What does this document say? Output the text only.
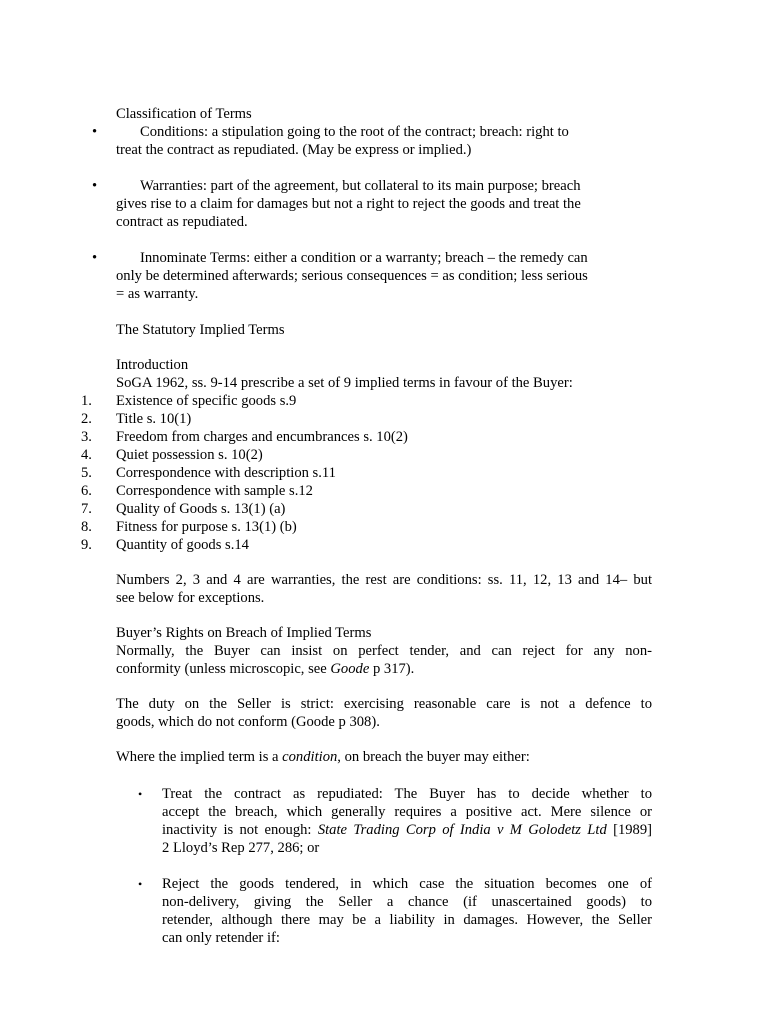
Classification of Terms
•	Conditions: a stipulation going to the root of the contract; breach: right to
treat the contract as repudiated. (May be express or implied.)
•	Warranties: part of the agreement, but collateral to its main purpose; breach
gives rise to a claim for damages but not a right to reject the goods and treat the
contract as repudiated.
•	Innominate Terms: either a condition or a warranty; breach – the remedy can
only be determined afterwards; serious consequences = as condition; less serious
= as warranty.
The Statutory Implied Terms
Introduction
SoGA 1962, ss. 9-14 prescribe a set of 9 implied terms in favour of the Buyer:
1.	Existence of specific goods s.9
2.	Title s. 10(1)
3.	Freedom from charges and encumbrances s. 10(2)
4.	Quiet possession s. 10(2)
5.	Correspondence with description s.11
6.	Correspondence with sample s.12
7.	Quality of Goods s. 13(1) (a)
8.	Fitness for purpose s. 13(1) (b)
9.	Quantity of goods s.14
Numbers 2, 3 and 4 are warranties, the rest are conditions: ss. 11, 12, 13 and 14– but
see below for exceptions.
Buyer’s Rights on Breach of Implied Terms
Normally, the Buyer can insist on perfect tender, and can reject for any non-
conformity (unless microscopic, see Goode p 317).
The duty on the Seller is strict: exercising reasonable care is not a defence to
goods, which do not conform (Goode p 308).
Where the implied term is a condition, on breach the buyer may either:
• Treat the contract as repudiated: The Buyer has to decide whether to
accept the breach, which generally requires a positive act. Mere silence or
inactivity is not enough: State Trading Corp of India v M Golodetz Ltd [1989]
2 Lloyd’s Rep 277, 286; or
• Reject the goods tendered, in which case the situation becomes one of
non-delivery, giving the Seller a chance (if unascertained goods) to
retender, although there may be a liability in damages. However, the Seller
can only retender if:
